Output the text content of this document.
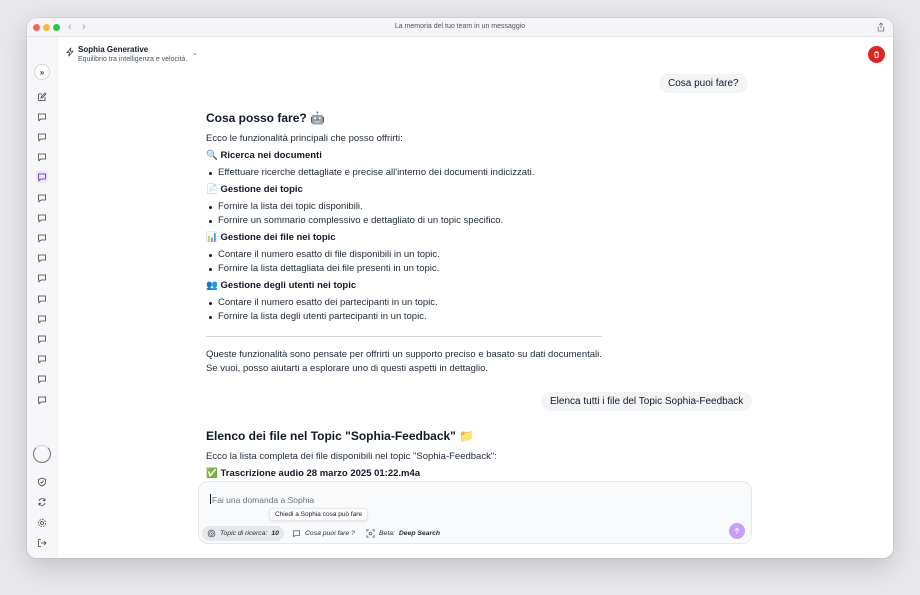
‹ ›	La memoria del tuo team in un messaggio
»
Sophia Generative
Equilibrio tra intelligenza e velocità.
⌄
Cosa puoi fare?
Cosa posso fare? 🤖
Ecco le funzionalità principali che posso offrirti:
🔍 Ricerca nei documenti
Effettuare ricerche dettagliate e precise all'interno dei documenti indicizzati.
📄 Gestione dei topic
Fornire la lista dei topic disponibili.
Fornire un sommario complessivo e dettagliato di un topic specifico.
📊 Gestione dei file nei topic
Contare il numero esatto di file disponibili in un topic.
Fornire la lista dettagliata dei file presenti in un topic.
👥 Gestione degli utenti nei topic
Contare il numero esatto dei partecipanti in un topic.
Fornire la lista degli utenti partecipanti in un topic.
Queste funzionalità sono pensate per offrirti un supporto preciso e basato su dati documentali.
Se vuoi, posso aiutarti a esplorare uno di questi aspetti in dettaglio.
Elenca tutti i file del Topic Sophia-Feedback
Elenco dei file nel Topic "Sophia-Feedback" 📁
Ecco la lista completa dei file disponibili nel topic "Sophia-Feedback":
✅ Trascrizione audio 28 marzo 2025 01:22.m4a
Fai una domanda a Sophia
Chiedi a Sophia cosa può fare
Topic di ricerca: 10	Cosa puoi fare ?	Beta: Deep Search
